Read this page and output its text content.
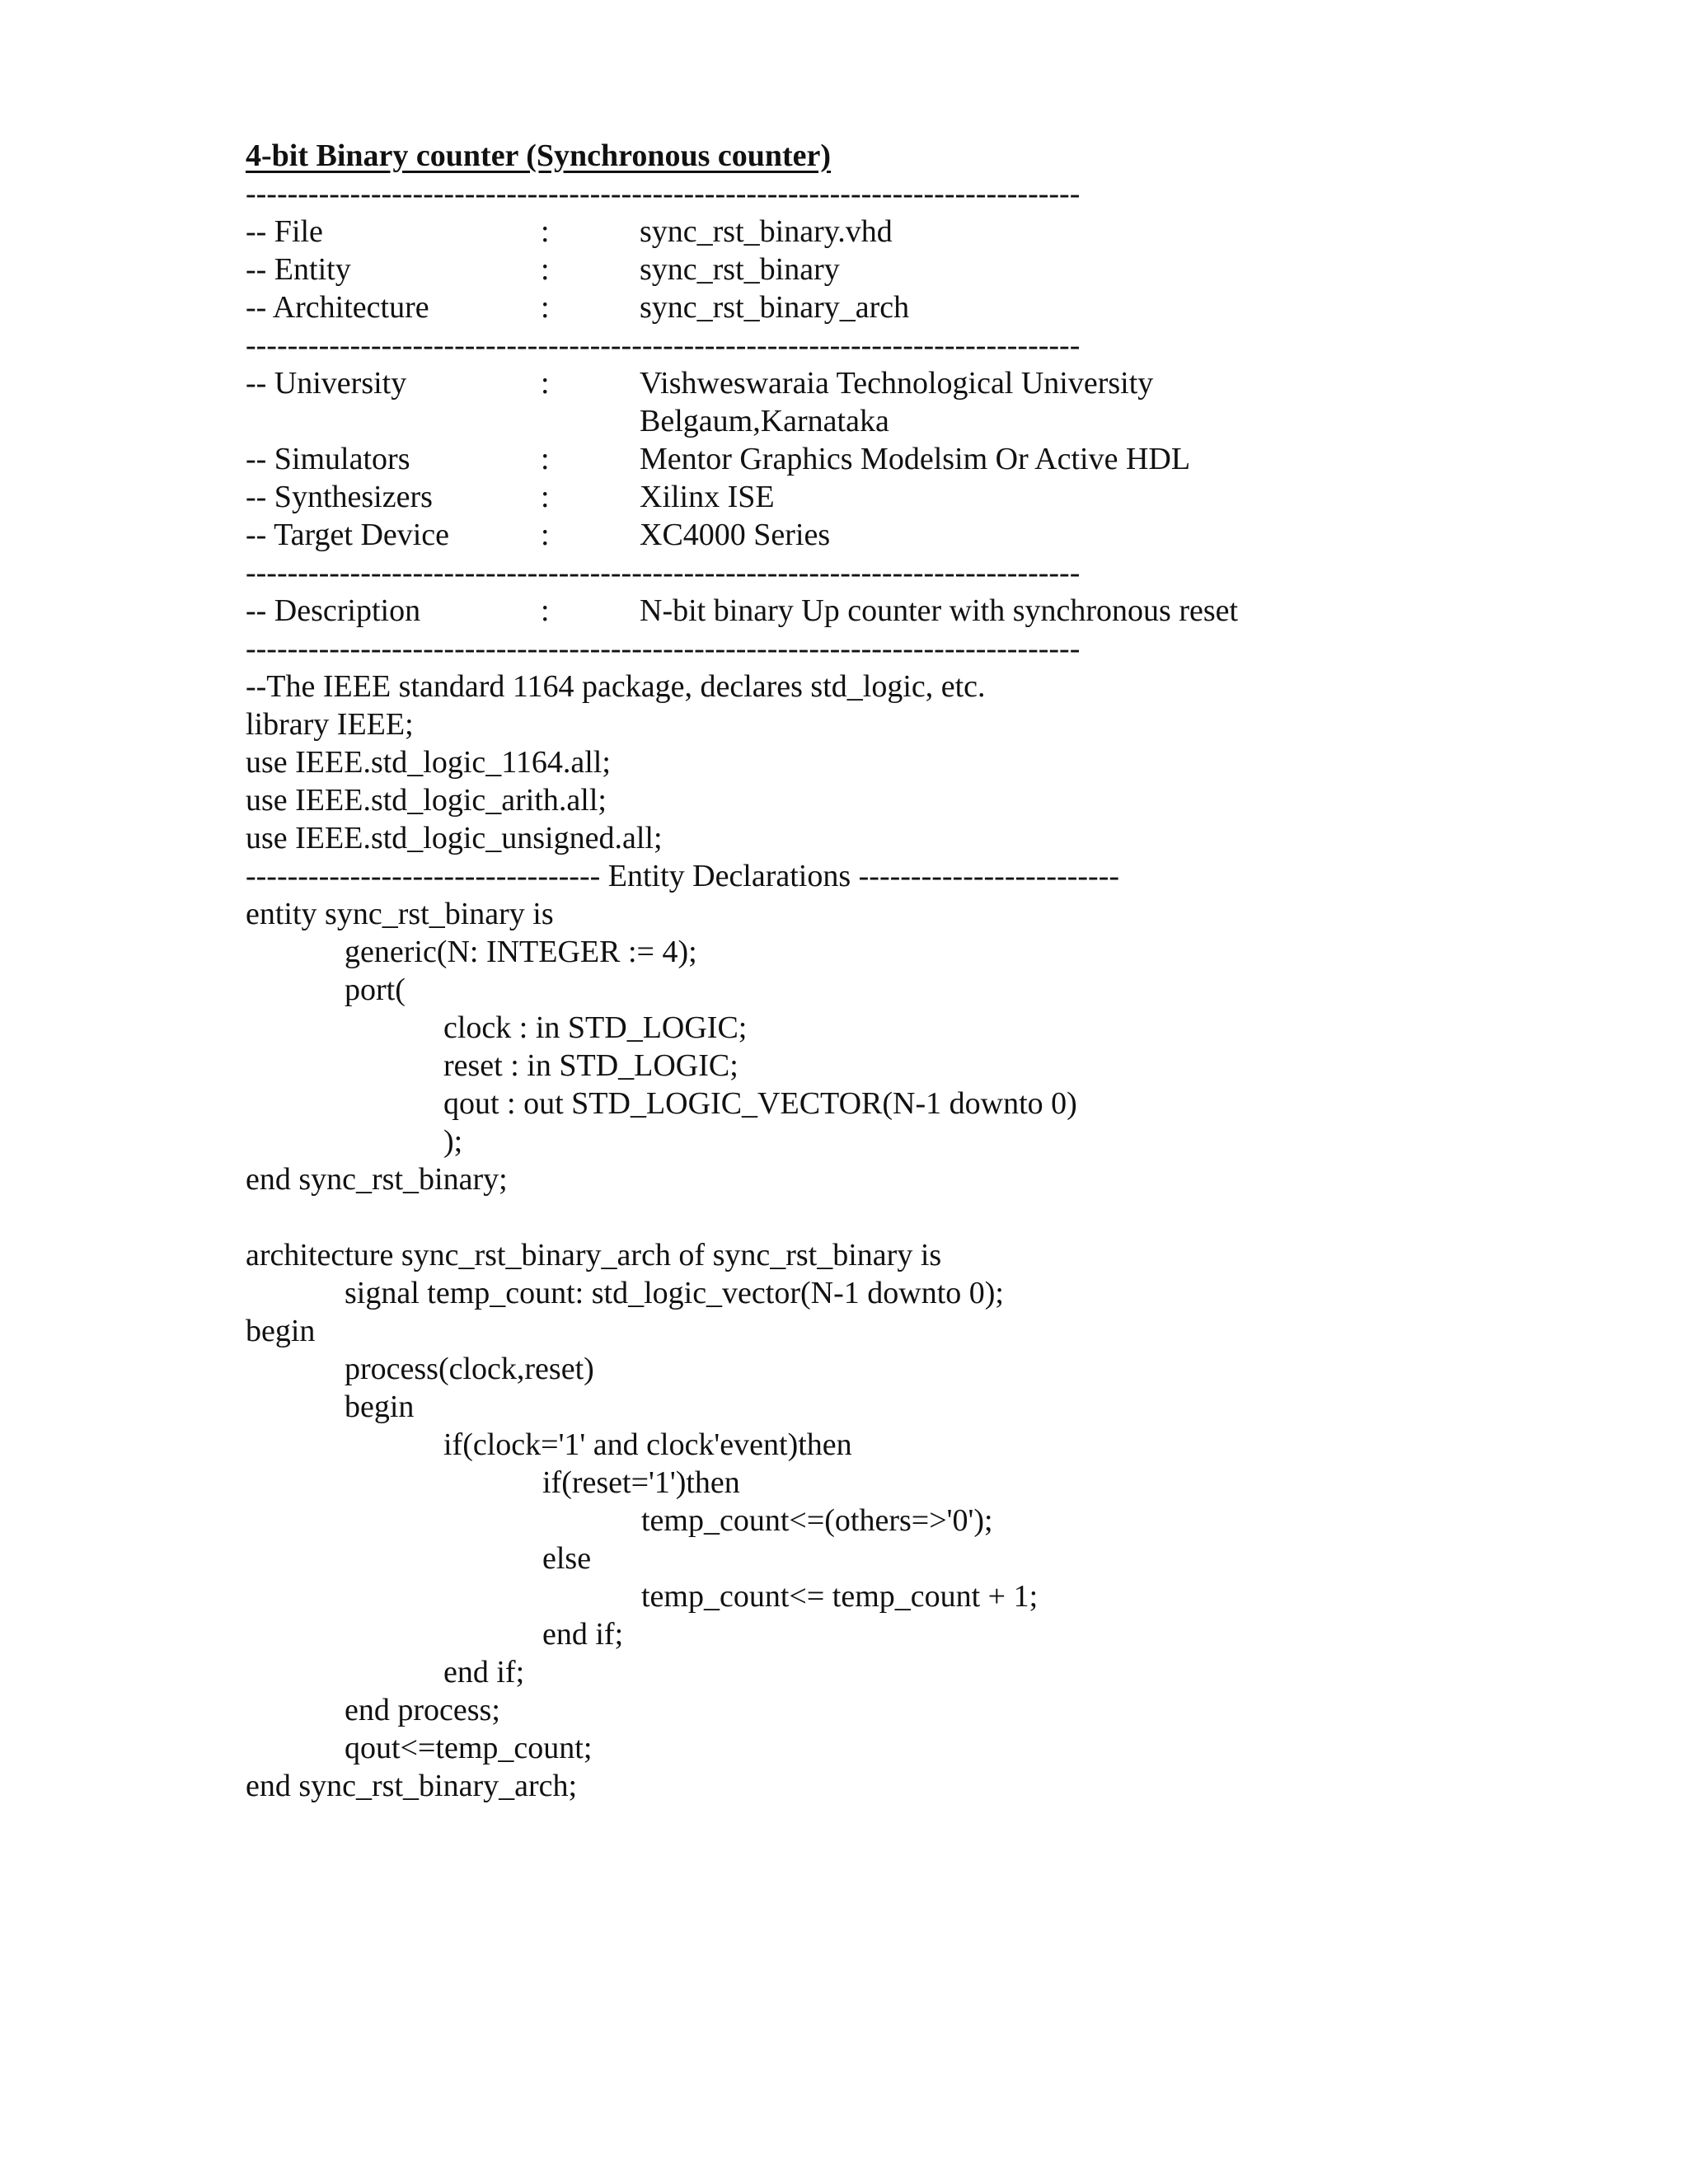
4-bit Binary counter (Synchronous counter)
--------------------------------------------------------------------------------
-- File	:	sync_rst_binary.vhd
-- Entity	:	sync_rst_binary
-- Architecture	:	sync_rst_binary_arch
--------------------------------------------------------------------------------
-- University	:	Vishweswaraia Technological University
Belgaum,Karnataka
-- Simulators	:	Mentor Graphics Modelsim Or Active HDL
-- Synthesizers	:	Xilinx ISE
-- Target Device	:	XC4000 Series
--------------------------------------------------------------------------------
-- Description	:	N-bit binary Up counter with synchronous reset
--------------------------------------------------------------------------------
--The IEEE standard 1164 package, declares std_logic, etc.
library IEEE;
use IEEE.std_logic_1164.all;
use IEEE.std_logic_arith.all;
use IEEE.std_logic_unsigned.all;
---------------------------------- Entity Declarations -------------------------
entity sync_rst_binary is
generic(N: INTEGER := 4);
port(
clock : in STD_LOGIC;
reset : in STD_LOGIC;
qout : out STD_LOGIC_VECTOR(N-1 downto 0)
);
end sync_rst_binary;
architecture sync_rst_binary_arch of sync_rst_binary is
signal temp_count: std_logic_vector(N-1 downto 0);
begin
process(clock,reset)
begin
if(clock='1' and clock'event)then
if(reset='1')then
temp_count<=(others=>'0');
else
temp_count<= temp_count + 1;
end if;
end if;
end process;
qout<=temp_count;
end sync_rst_binary_arch;
